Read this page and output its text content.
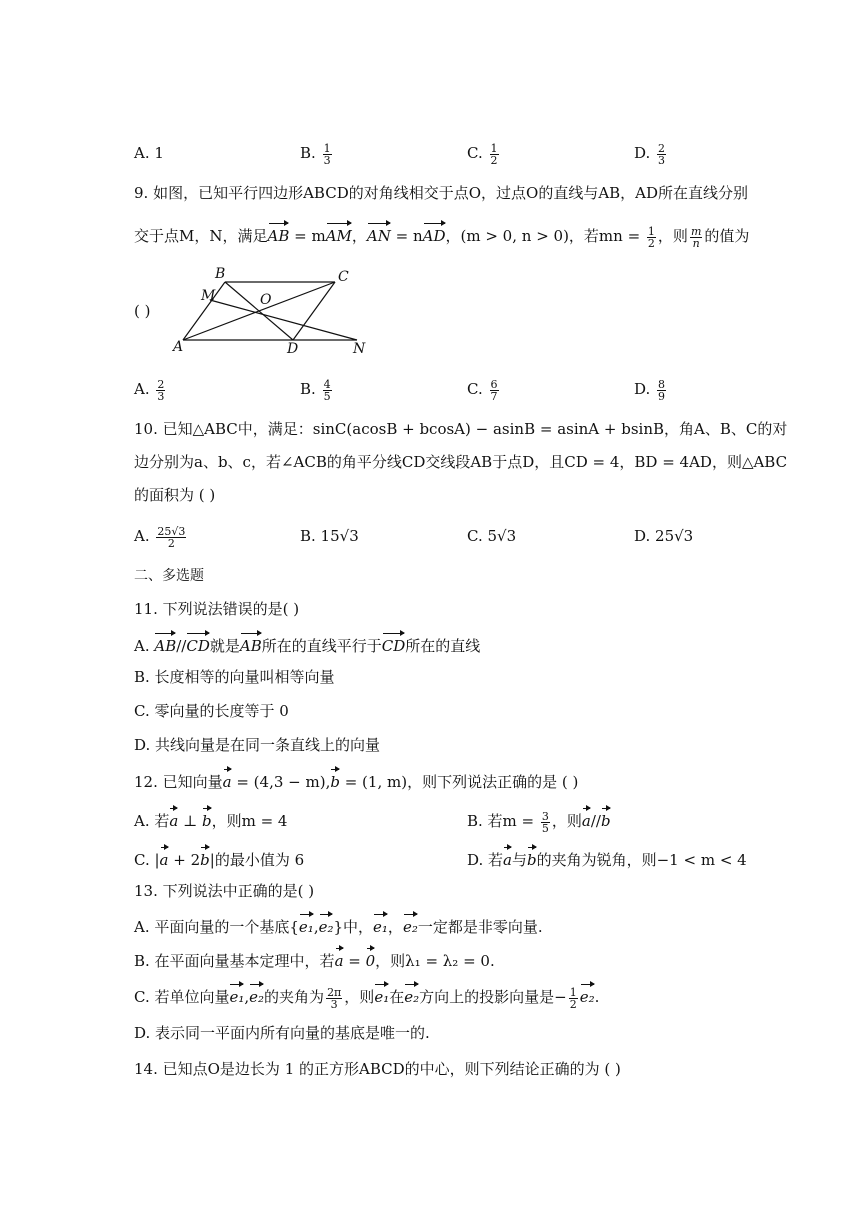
A. 1	B. $\frac{1}{3}$	C. $\frac{1}{2}$	D. $\frac{2}{3}$
9. 如图，已知平行四边形ABCD的对角线相交于点O，过点O的直线与AB，AD所在直线分别
交于点M，N，满足AB = mAM，AN = nAD，(m > 0, n > 0)，若mn = $\frac{1}{2}$ ，则 $\frac{m}{n}$ 的值为
( )
B	C
M	O
A	D	N
A. $\frac{2}{3}$	B. $\frac{4}{5}$	C. $\frac{6}{7}$	D. $\frac{8}{9}$
10. 已知△ABC中，满足：sinC(acosB + bcosA) − asinB = asinA + bsinB，角A、B、C的对
边分别为a、b、c，若∠ACB的角平分线CD交线段AB于点D，且CD = 4，BD = 4AD，则△ABC
的面积为 ( )
A. $\frac{25√3}{2}$	B. 15√3	C. 5√3	D. 25√3
二、多选题
11. 下列说法错误的是( )
A. AB//CD就是AB所在的直线平行于CD所在的直线
B. 长度相等的向量叫相等向量
C. 零向量的长度等于 0
D. 共线向量是在同一条直线上的向量
12. 已知向量a = (4,3 − m),b = (1, m)，则下列说法正确的是 ( )
A. 若a ⊥ b，则m = 4	B. 若$m = \frac{3}{5}$ ，则a//b
C. |a + 2b|的最小值为 6	D. 若a与b的夹角为锐角，则−1 < m < 4
13. 下列说法中正确的是( )
A. 平面向量的一个基底{e₁,e₂}中，e₁，e₂一定都是非零向量.
B. 在平面向量基本定理中，若a = 0，则λ₁ = λ₂ = 0.
C. 若单位向量e₁,e₂的夹角为 $\frac{2\pi}{3}$ ，则e₁在e₂方向上的投影向量是− $\frac{1}{2} e_2$.
D. 表示同一平面内所有向量的基底是唯一的.
14. 已知点O是边长为 1 的正方形ABCD的中心，则下列结论正确的为 ( )
